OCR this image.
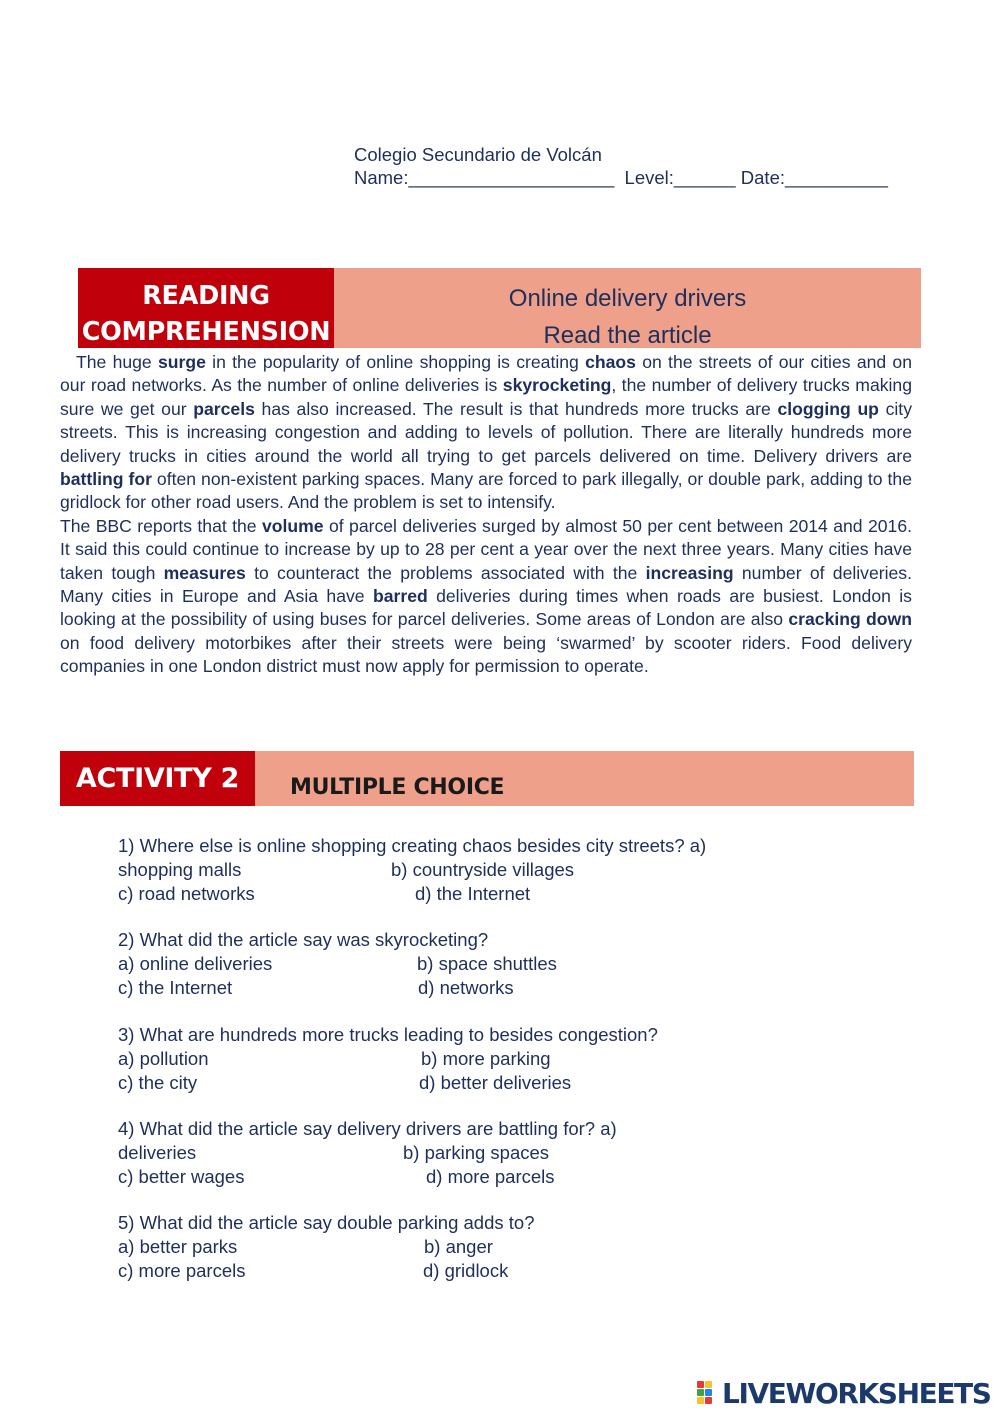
Colegio Secundario de Volcán
Name:____________________  Level:______ Date:__________
READING
COMPREHENSION
Online delivery drivers
Read the article

The huge surge in the popularity of online shopping is creating chaos on the streets of our cities and on our road networks. As the number of online deliveries is skyrocketing, the number of delivery trucks making sure we get our parcels has also increased. The result is that hundreds more trucks are clogging up city streets. This is increasing congestion and adding to levels of pollution. There are literally hundreds more delivery trucks in cities around the world all trying to get parcels delivered on time. Delivery drivers are battling for often non-existent parking spaces. Many are forced to park illegally, or double park, adding to the gridlock for other road users. And the problem is set to intensify.

The BBC reports that the volume of parcel deliveries surged by almost 50 per cent between 2014 and 2016. It said this could continue to increase by up to 28 per cent a year over the next three years. Many cities have taken tough measures to counteract the problems associated with the increasing number of deliveries. Many cities in Europe and Asia have barred deliveries during times when roads are busiest. London is looking at the possibility of using buses for parcel deliveries. Some areas of London are also cracking down on food delivery motorbikes after their streets were being ‘swarmed’ by scooter riders. Food delivery companies in one London district must now apply for permission to operate.

ACTIVITY 2	MULTIPLE CHOICE
1) Where else is online shopping creating chaos besides city streets? a)
shopping malls	b) countryside villages
c) road networks	d) the Internet
2) What did the article say was skyrocketing?
a) online deliveries	b) space shuttles
c) the Internet	d) networks
3) What are hundreds more trucks leading to besides congestion?
a) pollution	b) more parking
c) the city	d) better deliveries
4) What did the article say delivery drivers are battling for? a)
deliveries	b) parking spaces
c) better wages	d) more parcels
5) What did the article say double parking adds to?
a) better parks	b) anger
c) more parcels	d) gridlock
LIVEWORKSHEETS
